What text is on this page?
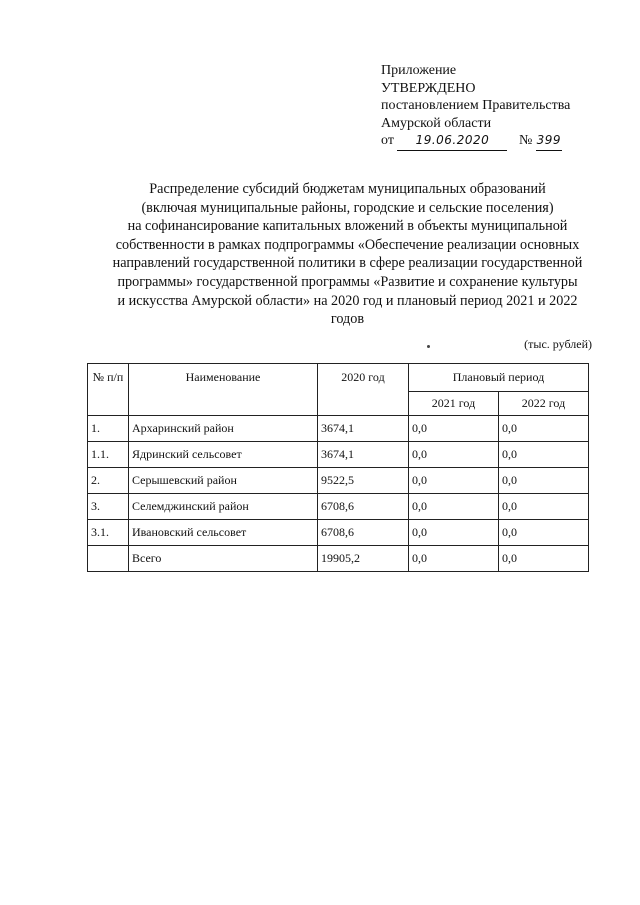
Приложение
УТВЕРЖДЕНО
постановлением Правительства
Амурской области
от 19.06.2020 № 399
Распределение субсидий бюджетам муниципальных образований
(включая муниципальные районы, городские и сельские поселения)
на софинансирование капитальных вложений в объекты муниципальной
собственности в рамках подпрограммы «Обеспечение реализации основных
направлений государственной политики в сфере реализации государственной
программы» государственной программы «Развитие и сохранение культуры
и искусства Амурской области» на 2020 год и плановый период 2021 и 2022
годов
(тыс. рублей)
№ п/п	Наименование	2020 год	Плановый период	
			2021 год	2022 год
1.	Архаринский район	3674,1	0,0	0,0
1.1.	Ядринский сельсовет	3674,1	0,0	0,0
2.	Серышевский район	9522,5	0,0	0,0
3.	Селемджинский район	6708,6	0,0	0,0
3.1.	Ивановский сельсовет	6708,6	0,0	0,0
	Всего	19905,2	0,0	0,0
